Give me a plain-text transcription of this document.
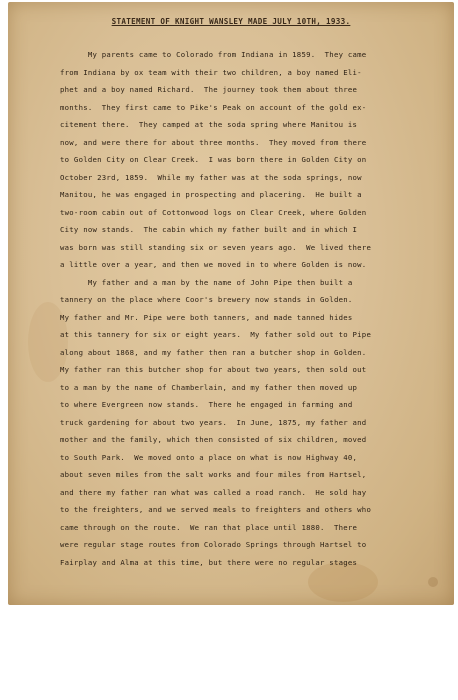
STATEMENT OF KNIGHT WANSLEY MADE JULY 10TH, 1933.
My parents came to Colorado from Indiana in 1859.  They came
from Indiana by ox team with their two children, a boy named Eli-
phet and a boy named Richard.  The journey took them about three
months.  They first came to Pike's Peak on account of the gold ex-
citement there.  They camped at the soda spring where Manitou is
now, and were there for about three months.  They moved from there
to Golden City on Clear Creek.  I was born there in Golden City on
October 23rd, 1859.  While my father was at the soda springs, now
Manitou, he was engaged in prospecting and placering.  He built a
two-room cabin out of Cottonwood logs on Clear Creek, where Golden
City now stands.  The cabin which my father built and in which I
was born was still standing six or seven years ago.  We lived there
a little over a year, and then we moved in to where Golden is now.
My father and a man by the name of John Pipe then built a
tannery on the place where Coor's brewery now stands in Golden.
My father and Mr. Pipe were both tanners, and made tanned hides
at this tannery for six or eight years.  My father sold out to Pipe
along about 1868, and my father then ran a butcher shop in Golden.
My father ran this butcher shop for about two years, then sold out
to a man by the name of Chamberlain, and my father then moved up
to where Evergreen now stands.  There he engaged in farming and
truck gardening for about two years.  In June, 1875, my father and
mother and the family, which then consisted of six children, moved
to South Park.  We moved onto a place on what is now Highway 40,
about seven miles from the salt works and four miles from Hartsel,
and there my father ran what was called a road ranch.  He sold hay
to the freighters, and we served meals to freighters and others who
came through on the route.  We ran that place until 1880.  There
were regular stage routes from Colorado Springs through Hartsel to
Fairplay and Alma at this time, but there were no regular stages
